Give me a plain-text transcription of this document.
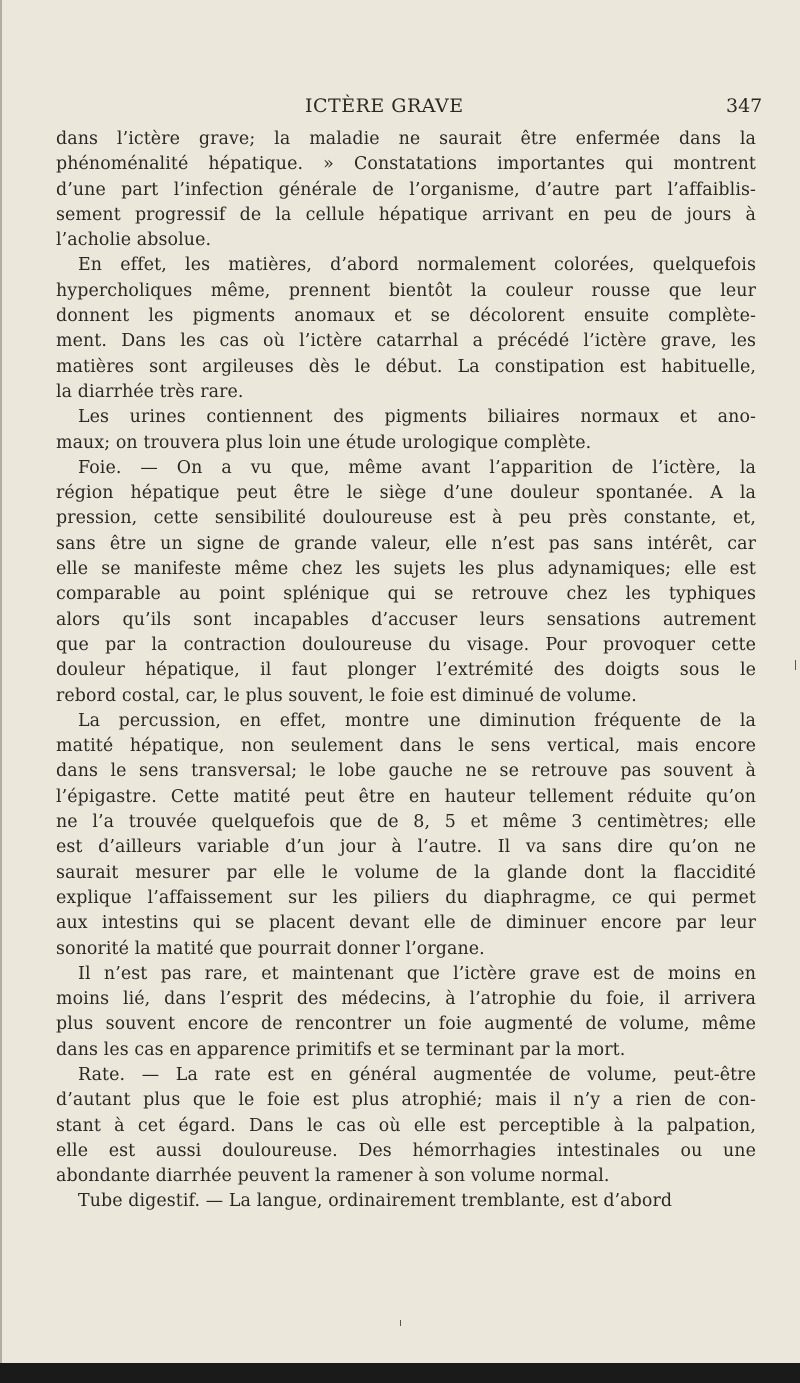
ICTÈRE GRAVE	347
dans l’ictère grave; la maladie ne saurait être enfermée dans la
phénoménalité hépatique. » Constatations importantes qui montrent
d’une part l’infection générale de l’organisme, d’autre part l’affaiblis-
sement progressif de la cellule hépatique arrivant en peu de jours à
l’acholie absolue.
En effet, les matières, d’abord normalement colorées, quelquefois
hypercholiques même, prennent bientôt la couleur rousse que leur
donnent les pigments anomaux et se décolorent ensuite complète-
ment. Dans les cas où l’ictère catarrhal a précédé l’ictère grave, les
matières sont argileuses dès le début. La constipation est habituelle,
la diarrhée très rare.
Les urines contiennent des pigments biliaires normaux et ano-
maux; on trouvera plus loin une étude urologique complète.
Foie. — On a vu que, même avant l’apparition de l’ictère, la
région hépatique peut être le siège d’une douleur spontanée. A la
pression, cette sensibilité douloureuse est à peu près constante, et,
sans être un signe de grande valeur, elle n’est pas sans intérêt, car
elle se manifeste même chez les sujets les plus adynamiques; elle est
comparable au point splénique qui se retrouve chez les typhiques
alors qu’ils sont incapables d’accuser leurs sensations autrement
que par la contraction douloureuse du visage. Pour provoquer cette
douleur hépatique, il faut plonger l’extrémité des doigts sous le
rebord costal, car, le plus souvent, le foie est diminué de volume.
La percussion, en effet, montre une diminution fréquente de la
matité hépatique, non seulement dans le sens vertical, mais encore
dans le sens transversal; le lobe gauche ne se retrouve pas souvent à
l’épigastre. Cette matité peut être en hauteur tellement réduite qu’on
ne l’a trouvée quelquefois que de 8, 5 et même 3 centimètres; elle
est d’ailleurs variable d’un jour à l’autre. Il va sans dire qu’on ne
saurait mesurer par elle le volume de la glande dont la flaccidité
explique l’affaissement sur les piliers du diaphragme, ce qui permet
aux intestins qui se placent devant elle de diminuer encore par leur
sonorité la matité que pourrait donner l’organe.
Il n’est pas rare, et maintenant que l’ictère grave est de moins en
moins lié, dans l’esprit des médecins, à l’atrophie du foie, il arrivera
plus souvent encore de rencontrer un foie augmenté de volume, même
dans les cas en apparence primitifs et se terminant par la mort.
Rate. — La rate est en général augmentée de volume, peut-être
d’autant plus que le foie est plus atrophié; mais il n’y a rien de con-
stant à cet égard. Dans le cas où elle est perceptible à la palpation,
elle est aussi douloureuse. Des hémorrhagies intestinales ou une
abondante diarrhée peuvent la ramener à son volume normal.
Tube digestif. — La langue, ordinairement tremblante, est d’abord
